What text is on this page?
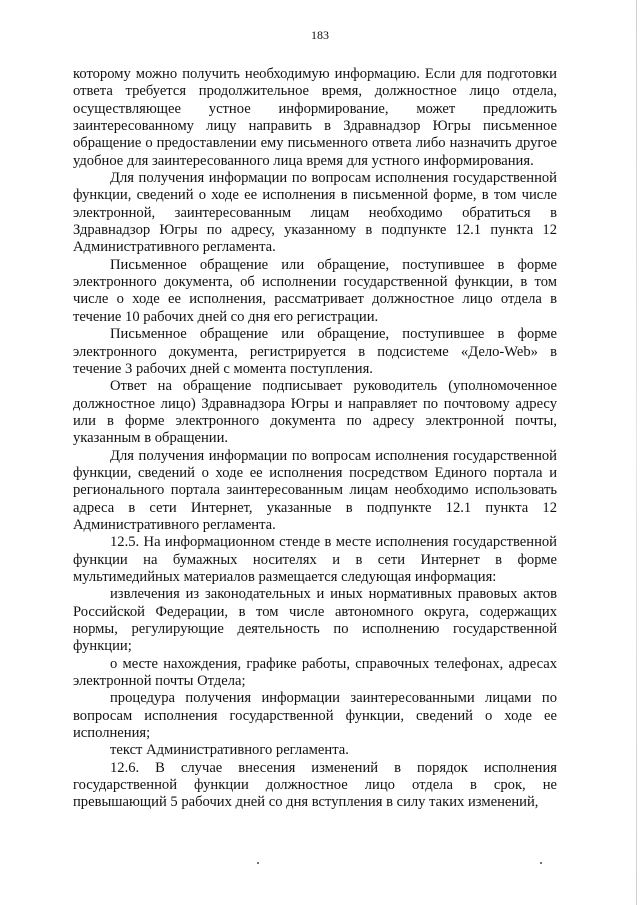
183

которому можно получить необходимую информацию. Если для подготовки ответа требуется продолжительное время, должностное лицо отдела, осуществляющее устное информирование, может предложить заинтересованному лицу направить в Здравнадзор Югры письменное обращение о предоставлении ему письменного ответа либо назначить другое удобное для заинтересованного лица время для устного информирования.

Для получения информации по вопросам исполнения государственной функции, сведений о ходе ее исполнения в письменной форме, в том числе электронной, заинтересованным лицам необходимо обратиться в Здравнадзор Югры по адресу, указанному в подпункте 12.1 пункта 12 Административного регламента.

Письменное обращение или обращение, поступившее в форме электронного документа, об исполнении государственной функции, в том числе о ходе ее исполнения, рассматривает должностное лицо отдела в течение 10 рабочих дней со дня его регистрации.

Письменное обращение или обращение, поступившее в форме электронного документа, регистрируется в подсистеме «Дело-Web» в течение 3 рабочих дней с момента поступления.

Ответ на обращение подписывает руководитель (уполномоченное должностное лицо) Здравнадзора Югры и направляет по почтовому адресу или в форме электронного документа по адресу электронной почты, указанным в обращении.

Для получения информации по вопросам исполнения государственной функции, сведений о ходе ее исполнения посредством Единого портала и регионального портала заинтересованным лицам необходимо использовать адреса в сети Интернет, указанные в подпункте 12.1 пункта 12 Административного регламента.

12.5. На информационном стенде в месте исполнения государственной функции на бумажных носителях и в сети Интернет в форме мультимедийных материалов размещается следующая информация:

извлечения из законодательных и иных нормативных правовых актов Российской Федерации, в том числе автономного округа, содержащих нормы, регулирующие деятельность по исполнению государственной функции;

о месте нахождения, графике работы, справочных телефонах, адресах электронной почты Отдела;

процедура получения информации заинтересованными лицами по вопросам исполнения государственной функции, сведений о ходе ее исполнения;

текст Административного регламента.

12.6. В случае внесения изменений в порядок исполнения государственной функции должностное лицо отдела в срок, не превышающий 5 рабочих дней со дня вступления в силу таких изменений,
